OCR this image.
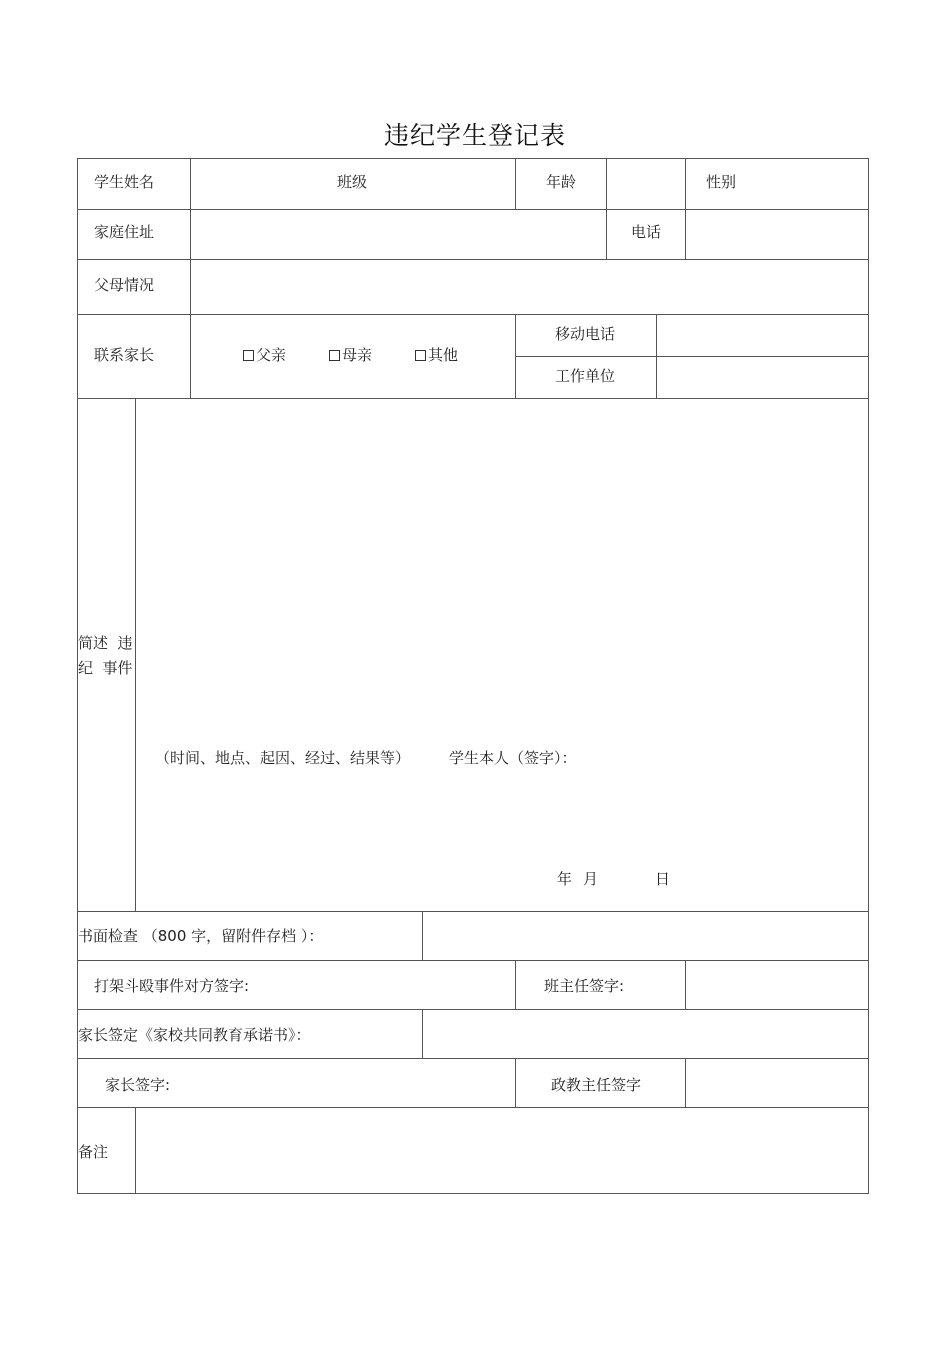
违纪学生登记表
学生姓名	班级	年龄	性别
家庭住址	电话
父母情况
联系家长	父亲	母亲	其他
移动电话
工作单位
简述  违
纪  事件
（时间、地点、起因、经过、结果等）	学生本人（签字）：
年 月	日
书面检查 （800 字，留附件存档 ）：
打架斗殴事件对方签字:	班主任签字:
家长签定《家校共同教育承诺书》：
家长签字:	政教主任签字
备注
